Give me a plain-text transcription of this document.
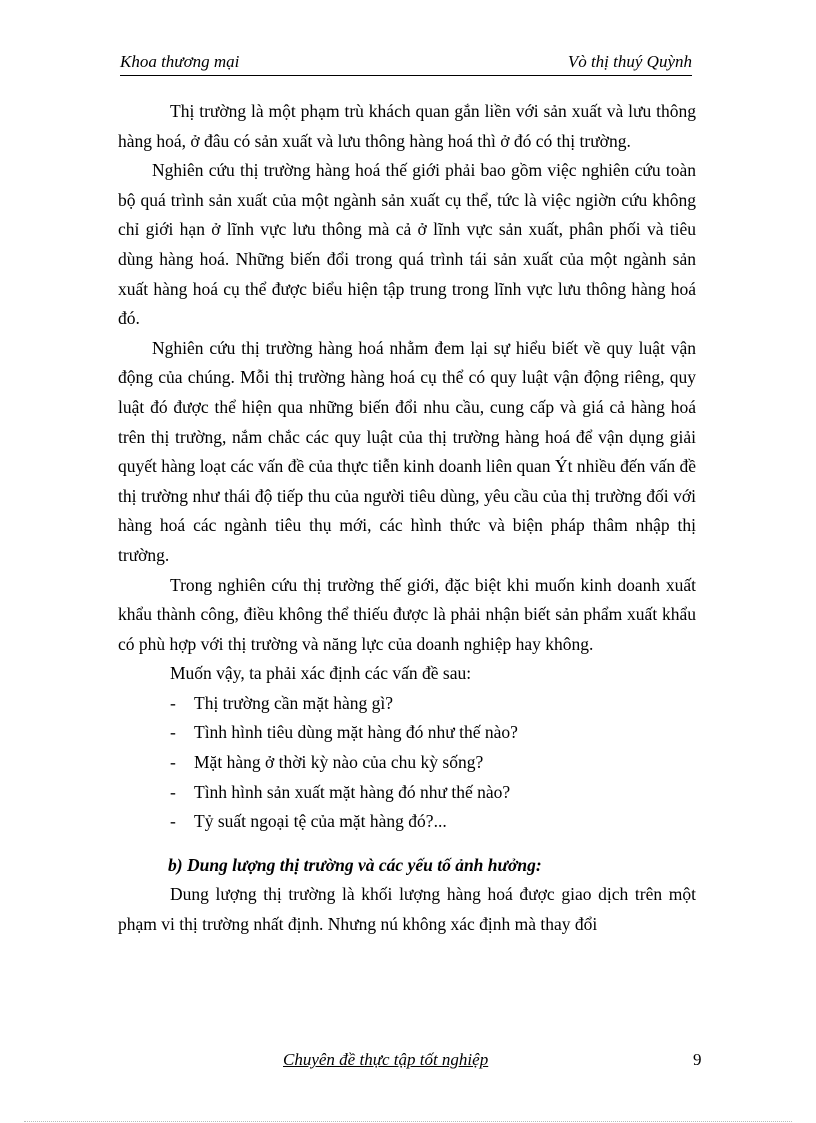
Khoa thương mại	Vò thị thuý Quỳnh

Thị trường là một phạm trù khách quan gắn liền với sản xuất và lưu thông hàng hoá, ở đâu có sản xuất và lưu thông hàng hoá thì ở đó có thị trường.

Nghiên cứu thị trường hàng hoá thế giới phải bao gồm việc nghiên cứu toàn bộ quá trình sản xuất của một ngành sản xuất cụ thể, tức là việc ngiờn cứu không chỉ giới hạn ở lĩnh vực lưu thông mà cả ở lĩnh vực sản xuất, phân phối và tiêu dùng hàng hoá. Những biến đổi trong quá trình tái sản xuất của một ngành sản xuất hàng hoá cụ thể được biểu hiện tập trung trong lĩnh vực lưu thông hàng hoá đó.

Nghiên cứu thị trường hàng hoá nhằm đem lại sự hiểu biết về quy luật vận động của chúng. Mỗi thị trường hàng hoá cụ thể có quy luật vận động riêng, quy luật đó được thể hiện qua những biến đổi nhu cầu, cung cấp và giá cả hàng hoá trên thị trường, nắm chắc các quy luật của thị trường hàng hoá để vận dụng giải quyết hàng loạt các vấn đề của thực tiễn kinh doanh liên quan Ýt nhiều đến vấn đề thị trường như thái độ tiếp thu của người tiêu dùng, yêu cầu của thị trường đối với hàng hoá các ngành tiêu thụ mới, các hình thức và biện pháp thâm nhập thị trường.

Trong nghiên cứu thị trường thế giới, đặc biệt khi muốn kinh doanh xuất khẩu thành công, điều không thể thiếu được là phải nhận biết sản phẩm xuất khẩu có phù hợp với thị trường và năng lực của doanh nghiệp hay không.

Muốn vậy, ta phải xác định các vấn đề sau:

- Thị trường cần mặt hàng gì?
- Tình hình tiêu dùng mặt hàng đó như thế nào?
- Mặt hàng ở thời kỳ nào của chu kỳ sống?
- Tình hình sản xuất mặt hàng đó như thế nào?
- Tỷ suất ngoại tệ của mặt hàng đó?...

b) Dung lượng thị trường và các yếu tố ảnh hưởng:

Dung lượng thị trường là khối lượng hàng hoá được giao dịch trên một phạm vi thị trường nhất định. Nhưng nú không xác định mà thay đổi

Chuyên đề thực tập tốt nghiệp	9
